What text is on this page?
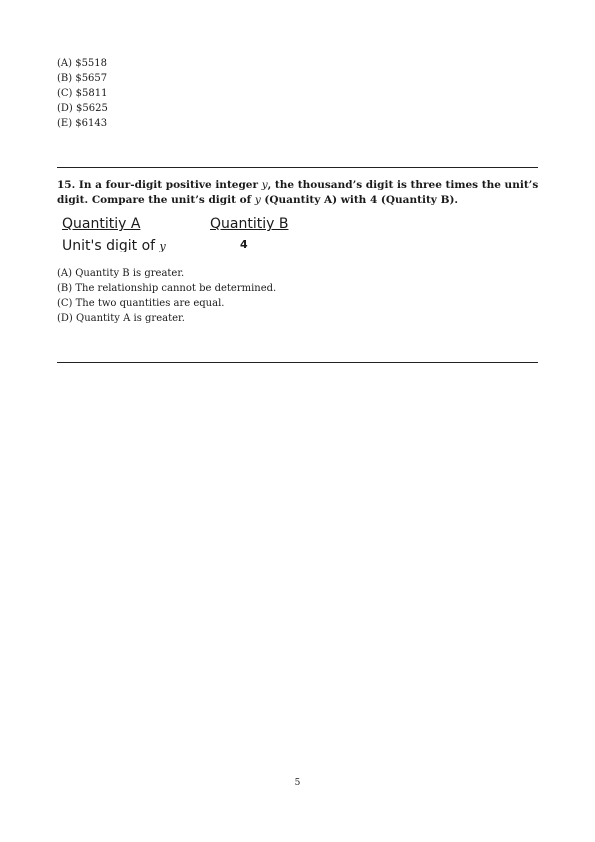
(A) $5518
(B) $5657
(C) $5811
(D) $5625
(E) $6143
15. In a four-digit positive integer y, the thousand’s digit is three times the unit’s digit. Compare the unit’s digit of y (Quantity A) with 4 (Quantity B).
Quantitiy A	Quantitiy B
Unit's digit of y	4
(A) Quantity B is greater.
(B) The relationship cannot be determined.
(C) The two quantities are equal.
(D) Quantity A is greater.
5
